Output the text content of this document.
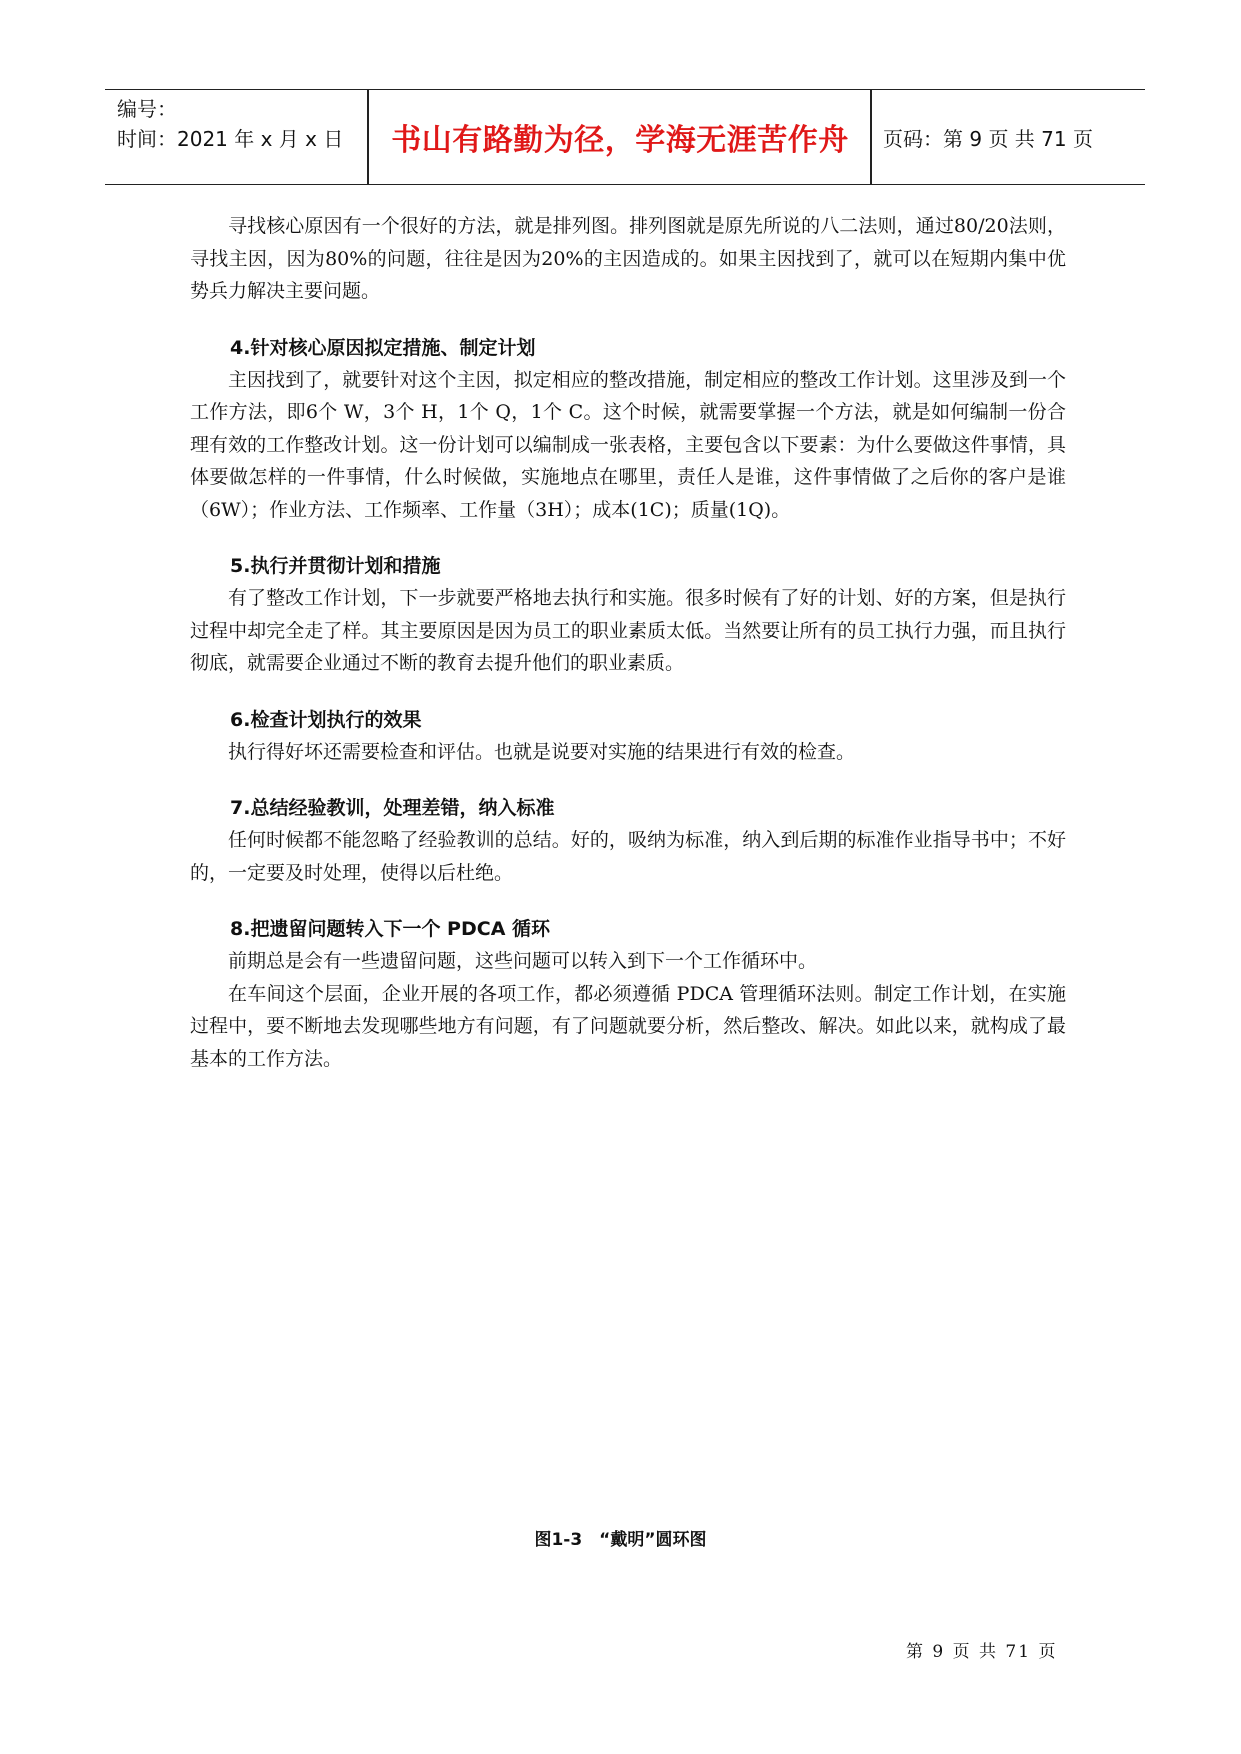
编号：
时间：2021 年 x 月 x 日	书山有路勤为径，学海无涯苦作舟	页码：第 9 页 共 71 页

寻找核心原因有一个很好的方法，就是排列图。排列图就是原先所说的八二法则，通过80/20法则，寻找主因，因为80%的问题，往往是因为20%的主因造成的。如果主因找到了，就可以在短期内集中优势兵力解决主要问题。

4.针对核心原因拟定措施、制定计划

主因找到了，就要针对这个主因，拟定相应的整改措施，制定相应的整改工作计划。这里涉及到一个工作方法，即6个 W，3个 H，1个 Q，1个 C。这个时候，就需要掌握一个方法，就是如何编制一份合理有效的工作整改计划。这一份计划可以编制成一张表格，主要包含以下要素：为什么要做这件事情，具体要做怎样的一件事情，什么时候做，实施地点在哪里，责任人是谁，这件事情做了之后你的客户是谁（6W）；作业方法、工作频率、工作量（3H）；成本(1C)；质量(1Q)。

5.执行并贯彻计划和措施

有了整改工作计划，下一步就要严格地去执行和实施。很多时候有了好的计划、好的方案，但是执行过程中却完全走了样。其主要原因是因为员工的职业素质太低。当然要让所有的员工执行力强，而且执行彻底，就需要企业通过不断的教育去提升他们的职业素质。

6.检查计划执行的效果

执行得好坏还需要检查和评估。也就是说要对实施的结果进行有效的检查。

7.总结经验教训，处理差错，纳入标准

任何时候都不能忽略了经验教训的总结。好的，吸纳为标准，纳入到后期的标准作业指导书中；不好的，一定要及时处理，使得以后杜绝。

8.把遗留问题转入下一个 PDCA 循环

前期总是会有一些遗留问题，这些问题可以转入到下一个工作循环中。

在车间这个层面，企业开展的各项工作，都必须遵循 PDCA 管理循环法则。制定工作计划，在实施过程中，要不断地去发现哪些地方有问题，有了问题就要分析，然后整改、解决。如此以来，就构成了最基本的工作方法。

图1-3　“戴明”圆环图
第 9 页 共 71 页
